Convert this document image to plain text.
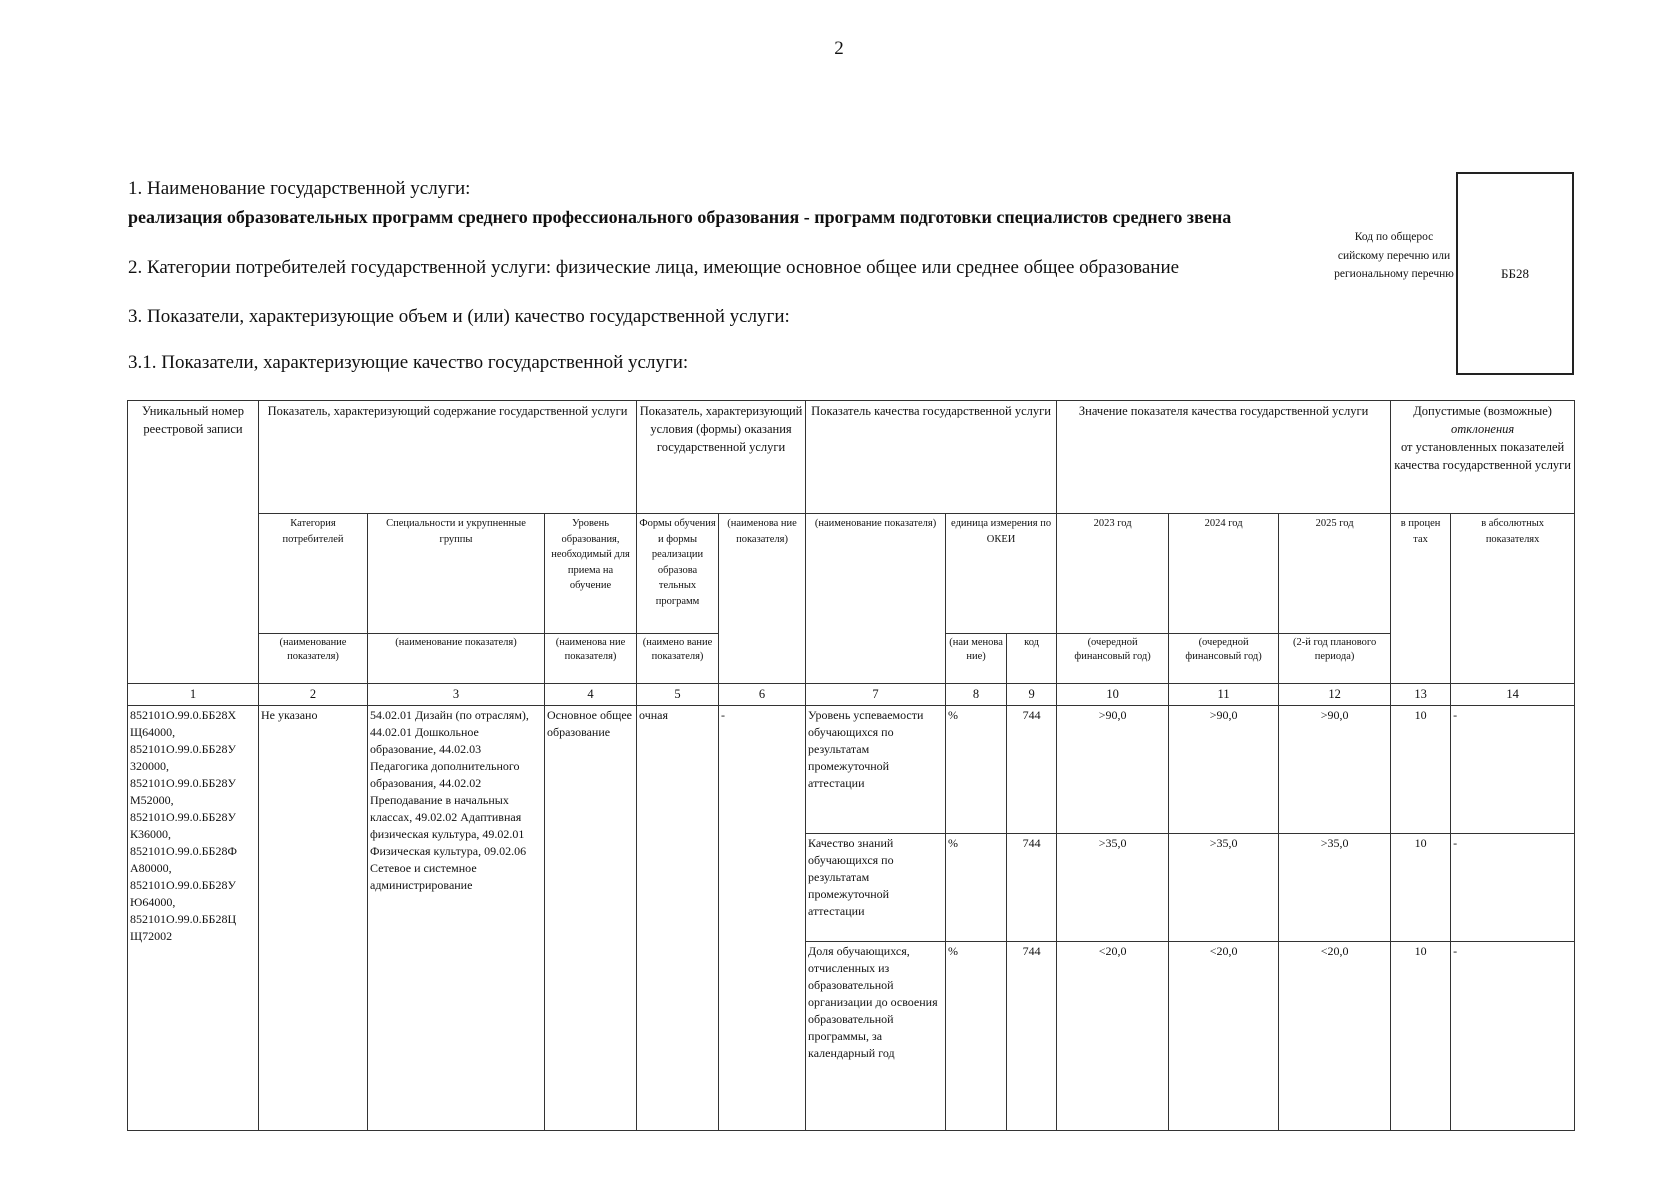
2
1. Наименование государственной услуги:
реализация образовательных программ среднего профессионального образования - программ подготовки специалистов среднего звена
2. Категории потребителей государственной услуги: физические лица, имеющие основное общее или среднее общее образование
3. Показатели, характеризующие объем и (или) качество государственной услуги:
3.1. Показатели, характеризующие качество государственной услуги:
Код по общерос сийскому перечню или региональному перечню	ББ28
Уникальный номер реестровой записи	Показатель, характеризующий содержание государственной услуги			Показатель, характеризующий условия (формы) оказания государственной услуги		Показатель качества государственной услуги			Значение показателя качества государственной услуги			Допустимые (возможные)
отклонения
от установленных показателей качества государственной услуги	
	Категория потребителей	Специальности и укрупненные группы	Уровень образования, необходимый для приема на обучение	Формы обучения и формы реализации образова тельных программ	(наименова ние показателя)	(наименование показателя)	единица измерения по ОКЕИ		2023 год	2024 год	2025 год	в процен тах	в абсолютных показателях
	(наименование показателя)	(наименование показателя)	(наименова ние показателя)	(наимено вание показателя)			(наи менова ние)	код	(очередной финансовый год)	(очередной финансовый год)	(2-й год планового периода)		
1	2	3	4	5	6	7	8	9	10	11	12	13	14
852101О.99.0.ББ28Х Щ64000, 852101О.99.0.ББ28У 320000, 852101О.99.0.ББ28У М52000, 852101О.99.0.ББ28У К36000, 852101О.99.0.ББ28Ф А80000, 852101О.99.0.ББ28У Ю64000, 852101О.99.0.ББ28Ц Щ72002	Не указано	54.02.01 Дизайн (по отраслям), 44.02.01 Дошкольное образование, 44.02.03 Педагогика дополнительного образования, 44.02.02 Преподавание в начальных классах, 49.02.02 Адаптивная физическая культура, 49.02.01 Физическая культура, 09.02.06 Сетевое и системное администрирование	Основное общее образование	очная	-	Уровень успеваемости обучающихся по результатам промежуточной аттестации	%	744	>90,0	>90,0	>90,0	10	-
						Качество знаний обучающихся по результатам промежуточной аттестации	%	744	>35,0	>35,0	>35,0	10	-
						Доля обучающихся, отчисленных из образовательной организации до освоения образовательной программы, за календарный год	%	744	<20,0	<20,0	<20,0	10	-
